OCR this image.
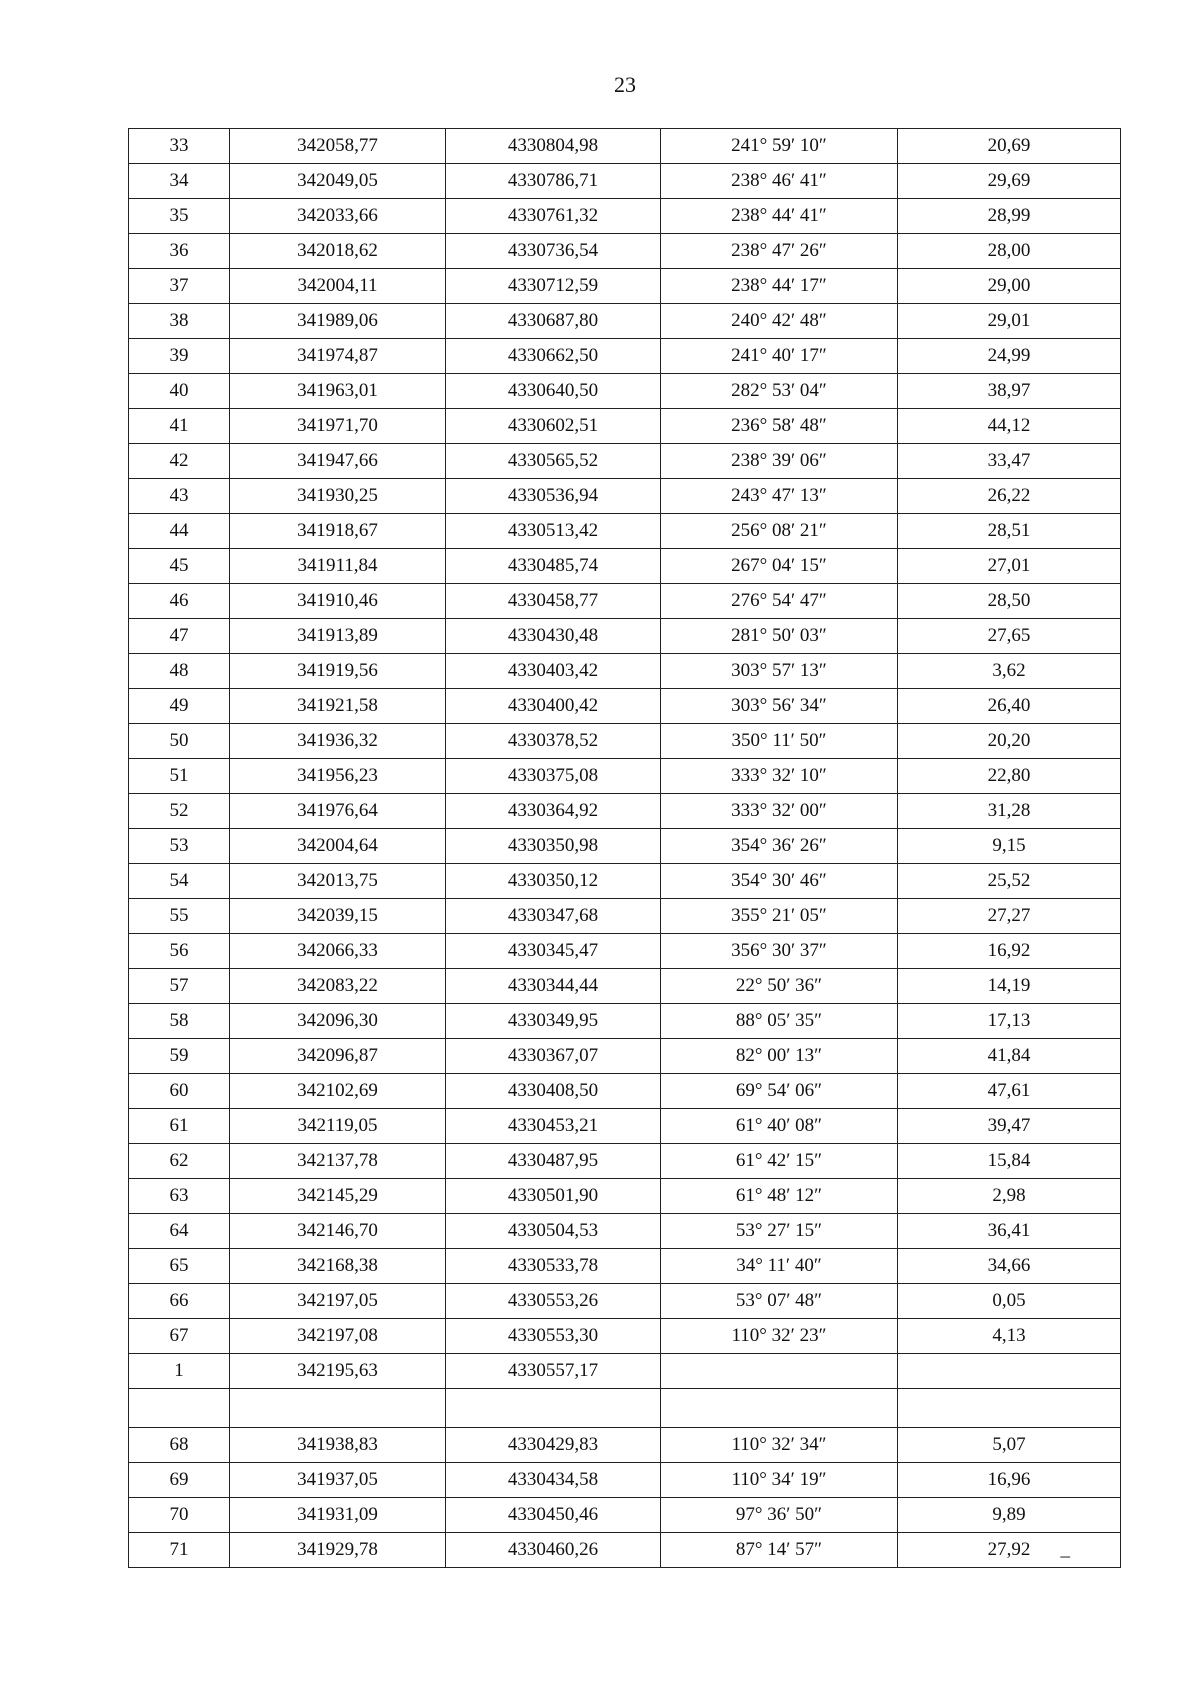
23
33	342058,77	4330804,98	241° 59′ 10″	20,69
34	342049,05	4330786,71	238° 46′ 41″	29,69
35	342033,66	4330761,32	238° 44′ 41″	28,99
36	342018,62	4330736,54	238° 47′ 26″	28,00
37	342004,11	4330712,59	238° 44′ 17″	29,00
38	341989,06	4330687,80	240° 42′ 48″	29,01
39	341974,87	4330662,50	241° 40′ 17″	24,99
40	341963,01	4330640,50	282° 53′ 04″	38,97
41	341971,70	4330602,51	236° 58′ 48″	44,12
42	341947,66	4330565,52	238° 39′ 06″	33,47
43	341930,25	4330536,94	243° 47′ 13″	26,22
44	341918,67	4330513,42	256° 08′ 21″	28,51
45	341911,84	4330485,74	267° 04′ 15″	27,01
46	341910,46	4330458,77	276° 54′ 47″	28,50
47	341913,89	4330430,48	281° 50′ 03″	27,65
48	341919,56	4330403,42	303° 57′ 13″	3,62
49	341921,58	4330400,42	303° 56′ 34″	26,40
50	341936,32	4330378,52	350° 11′ 50″	20,20
51	341956,23	4330375,08	333° 32′ 10″	22,80
52	341976,64	4330364,92	333° 32′ 00″	31,28
53	342004,64	4330350,98	354° 36′ 26″	9,15
54	342013,75	4330350,12	354° 30′ 46″	25,52
55	342039,15	4330347,68	355° 21′ 05″	27,27
56	342066,33	4330345,47	356° 30′ 37″	16,92
57	342083,22	4330344,44	22° 50′ 36″	14,19
58	342096,30	4330349,95	88° 05′ 35″	17,13
59	342096,87	4330367,07	82° 00′ 13″	41,84
60	342102,69	4330408,50	69° 54′ 06″	47,61
61	342119,05	4330453,21	61° 40′ 08″	39,47
62	342137,78	4330487,95	61° 42′ 15″	15,84
63	342145,29	4330501,90	61° 48′ 12″	2,98
64	342146,70	4330504,53	53° 27′ 15″	36,41
65	342168,38	4330533,78	34° 11′ 40″	34,66
66	342197,05	4330553,26	53° 07′ 48″	0,05
67	342197,08	4330553,30	110° 32′ 23″	4,13
1	342195,63	4330557,17		

68	341938,83	4330429,83	110° 32′ 34″	5,07
69	341937,05	4330434,58	110° 34′ 19″	16,96
70	341931,09	4330450,46	97° 36′ 50″	9,89
71	341929,78	4330460,26	87° 14′ 57″	27,92 _
